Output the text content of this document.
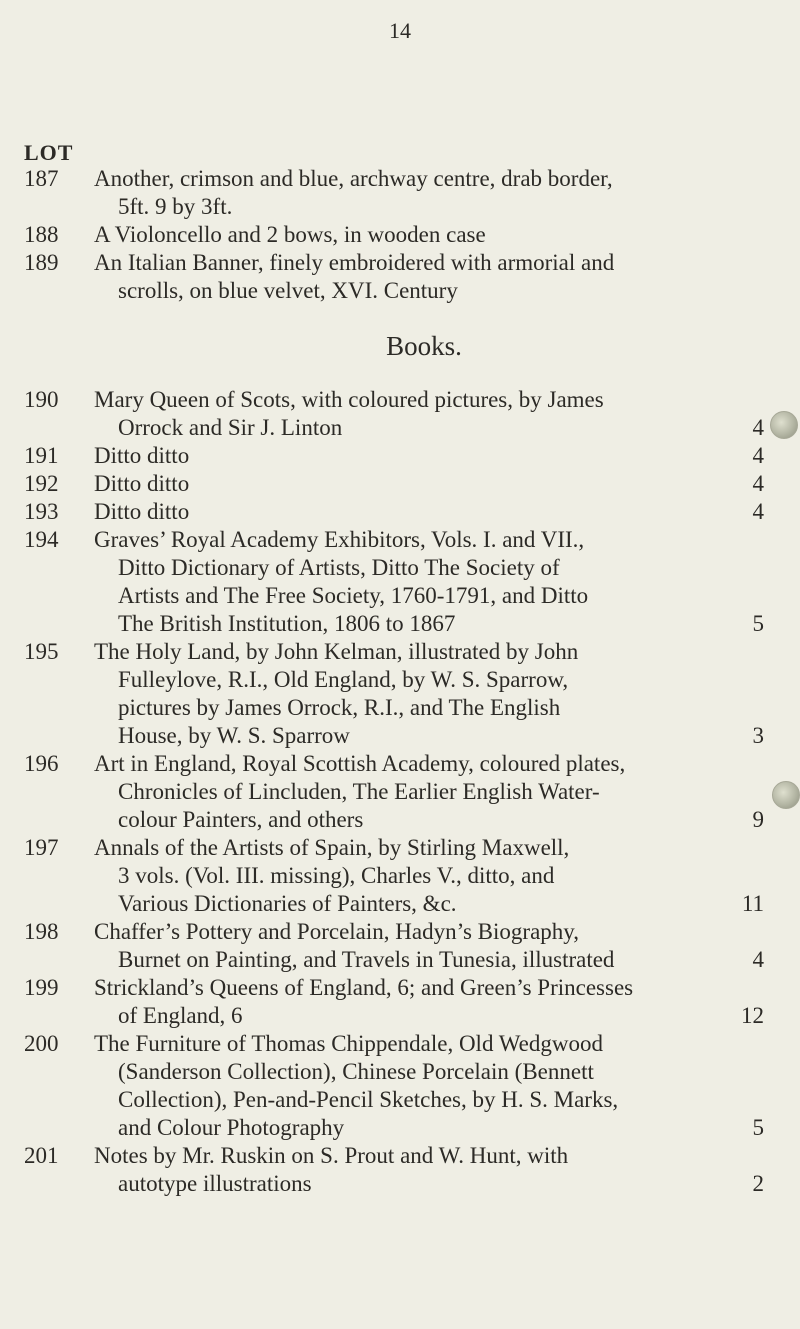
14
LOT
187	Another, crimson and blue, archway centre, drab border,
5ft. 9 by 3ft.
188	A Violoncello and 2 bows, in wooden case
189	An Italian Banner, finely embroidered with armorial and
scrolls, on blue velvet, XVI. Century
Books.
190	Mary Queen of Scots, with coloured pictures, by James
Orrock and Sir J. Linton	4
191	Ditto ditto	4
192	Ditto ditto	4
193	Ditto ditto	4
194	Graves’ Royal Academy Exhibitors, Vols. I. and VII.,
Ditto Dictionary of Artists, Ditto The Society of
Artists and The Free Society, 1760-1791, and Ditto
The British Institution, 1806 to 1867	5
195	The Holy Land, by John Kelman, illustrated by John
Fulleylove, R.I., Old England, by W. S. Sparrow,
pictures by James Orrock, R.I., and The English
House, by W. S. Sparrow	3
196	Art in England, Royal Scottish Academy, coloured plates,
Chronicles of Lincluden, The Earlier English Water-
colour Painters, and others	9
197	Annals of the Artists of Spain, by Stirling Maxwell,
3 vols. (Vol. III. missing), Charles V., ditto, and
Various Dictionaries of Painters, &c.	11
198	Chaffer’s Pottery and Porcelain, Hadyn’s Biography,
Burnet on Painting, and Travels in Tunesia, illustrated	4
199	Strickland’s Queens of England, 6; and Green’s Princesses
of England, 6	12
200	The Furniture of Thomas Chippendale, Old Wedgwood
(Sanderson Collection), Chinese Porcelain (Bennett
Collection), Pen-and-Pencil Sketches, by H. S. Marks,
and Colour Photography	5
201	Notes by Mr. Ruskin on S. Prout and W. Hunt, with
autotype illustrations	2
